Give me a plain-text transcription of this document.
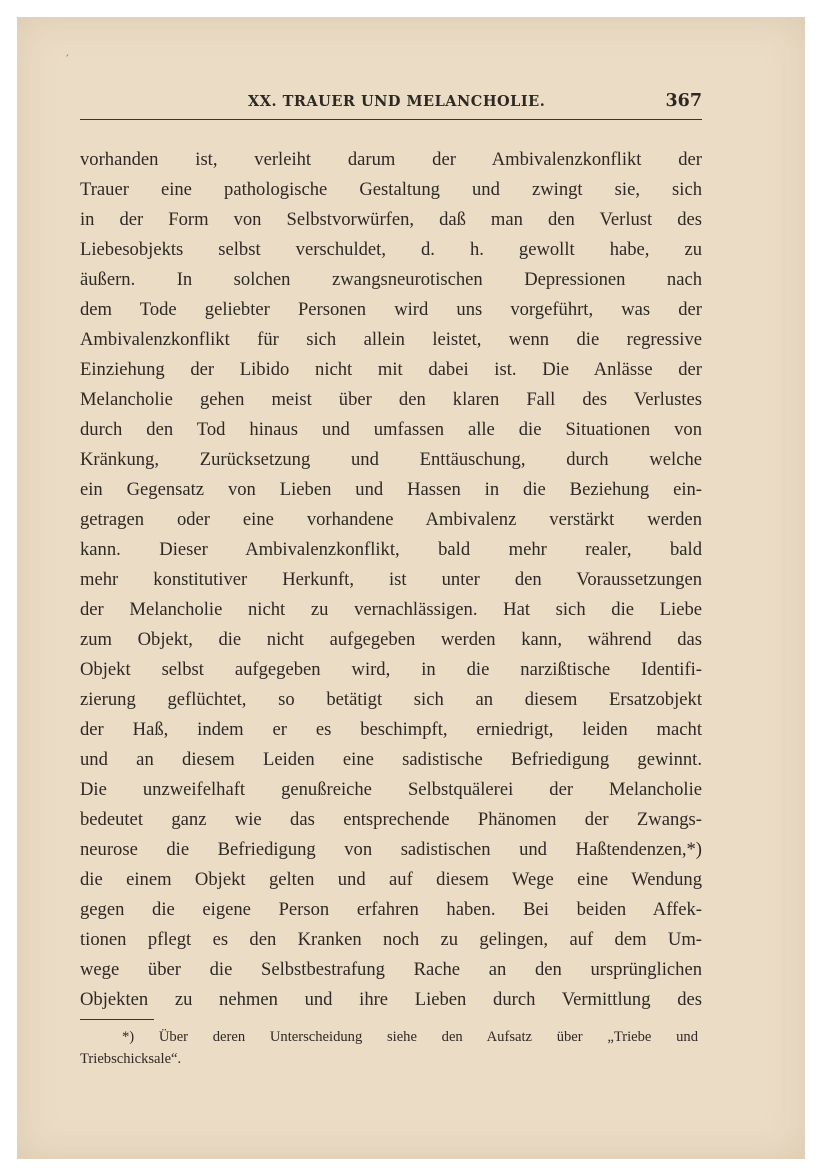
ˏ
XX. TRAUER UND MELANCHOLIE.	367
vorhanden ist, verleiht darum der Ambivalenzkonflikt der
Trauer eine pathologische Gestaltung und zwingt sie, sich
in der Form von Selbstvorwürfen, daß man den Verlust des
Liebesobjekts selbst verschuldet, d. h. gewollt habe, zu
äußern. In solchen zwangsneurotischen Depressionen nach
dem Tode geliebter Personen wird uns vorgeführt, was der
Ambivalenzkonflikt für sich allein leistet, wenn die regressive
Einziehung der Libido nicht mit dabei ist. Die Anlässe der
Melancholie gehen meist über den klaren Fall des Verlustes
durch den Tod hinaus und umfassen alle die Situationen von
Kränkung, Zurücksetzung und Enttäuschung, durch welche
ein Gegensatz von Lieben und Hassen in die Beziehung ein-
getragen oder eine vorhandene Ambivalenz verstärkt werden
kann. Dieser Ambivalenzkonflikt, bald mehr realer, bald
mehr konstitutiver Herkunft, ist unter den Voraussetzungen
der Melancholie nicht zu vernachlässigen. Hat sich die Liebe
zum Objekt, die nicht aufgegeben werden kann, während das
Objekt selbst aufgegeben wird, in die narzißtische Identifi-
zierung geflüchtet, so betätigt sich an diesem Ersatzobjekt
der Haß, indem er es beschimpft, erniedrigt, leiden macht
und an diesem Leiden eine sadistische Befriedigung gewinnt.
Die unzweifelhaft genußreiche Selbstquälerei der Melancholie
bedeutet ganz wie das entsprechende Phänomen der Zwangs-
neurose die Befriedigung von sadistischen und Haßtendenzen,*)
die einem Objekt gelten und auf diesem Wege eine Wendung
gegen die eigene Person erfahren haben. Bei beiden Affek-
tionen pflegt es den Kranken noch zu gelingen, auf dem Um-
wege über die Selbstbestrafung Rache an den ursprünglichen
Objekten zu nehmen und ihre Lieben durch Vermittlung des
*) Über deren Unterscheidung siehe den Aufsatz über „Triebe und
Triebschicksale“.
